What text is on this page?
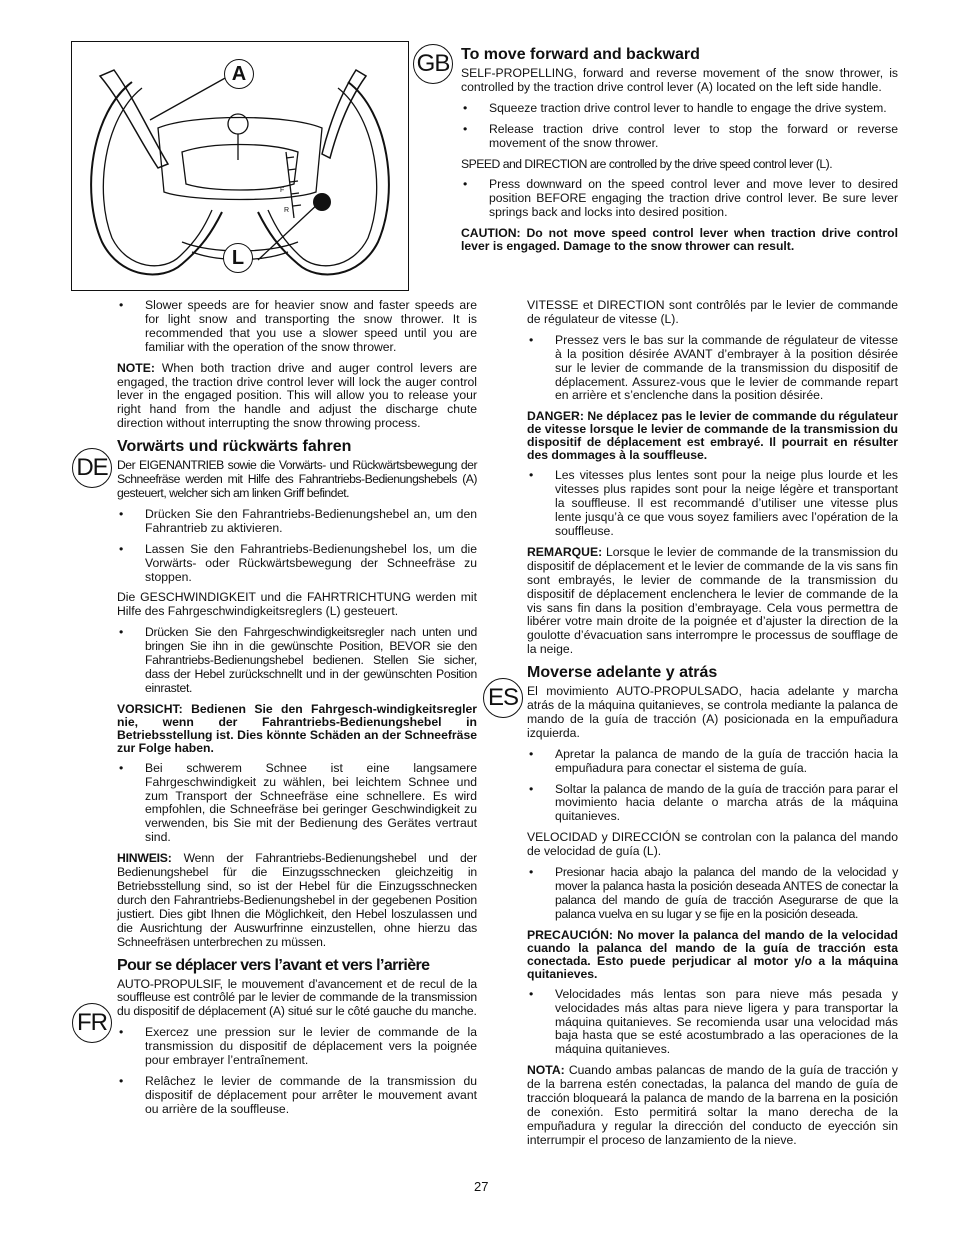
F
R
A
L
GB
DE
FR
ES
To move forward and backward
SELF-PROPELLING, forward and reverse movement of the snow thrower, is controlled by the traction drive control lever (A) located on the left side handle.
• Squeeze traction drive control lever to handle to engage the drive system.
• Release traction drive control lever to stop the forward or reverse movement of the snow thrower.
SPEED and DIRECTION are controlled by the drive speed control lever (L).
• Press downward on the speed control lever and move lever to desired position BEFORE engaging the traction drive control lever. Be sure lever springs back and locks into desired position.
CAUTION: Do not move speed control lever when traction drive control lever is engaged. Damage to the snow thrower can result.
• Slower speeds are for heavier snow and faster speeds are for light snow and transporting the snow thrower. It is recommended that you use a slower speed until you are familiar with the operation of the snow thrower.
NOTE: When both traction drive and auger control levers are engaged, the traction drive control lever will lock the auger control lever in the engaged position. This will allow you to release your right hand from the handle and adjust the discharge chute direction without interrupting the snow throwing process.
Vorwärts und rückwärts fahren
Der EIGENANTRIEB sowie die Vorwärts- und Rückwärtsbewegung der Schneefräse werden mit Hilfe des Fahrantriebs-Bedienungshebels (A) gesteuert, welcher sich am linken Griff befindet.
• Drücken Sie den Fahrantriebs-Bedienungshebel an, um den Fahrantrieb zu aktivieren.
• Lassen Sie den Fahrantriebs-Bedienungshebel los, um die Vorwärts- oder Rückwärtsbewegung der Schneefräse zu stoppen.
Die GESCHWINDIGKEIT und die FAHRTRICHTUNG werden mit Hilfe des Fahrgeschwindigkeitsreglers (L) gesteuert.
• Drücken Sie den Fahrgeschwindigkeitsregler nach unten und bringen Sie ihn in die gewünschte Position, BEVOR sie den Fahrantriebs-Bedienungshebel bedienen. Stellen Sie sicher, dass der Hebel zurückschnellt und in der gewünschten Position einrastet.
VORSICHT: Bedienen Sie den Fahrgesch-windigkeitsregler nie, wenn der Fahrantriebs-Bedienungshebel in Betriebsstellung ist. Dies könnte Schäden an der Schneefräse zur Folge haben.
• Bei schwerem Schnee ist eine langsamere Fahrgeschwindigkeit zu wählen, bei leichtem Schnee und zum Transport der Schneefräse eine schnellere. Es wird empfohlen, die Schneefräse bei geringer Geschwindigkeit zu verwenden, bis Sie mit der Bedienung des Gerätes vertraut sind.
HINWEIS: Wenn der Fahrantriebs-Bedienungshebel und der Bedienungshebel für die Einzugsschnecken gleichzeitig in Betriebsstellung sind, so ist der Hebel für die Einzugsschnecken durch den Fahrantriebs-Bedienungshebel in der gegebenen Position justiert. Dies gibt Ihnen die Möglichkeit, den Hebel loszulassen und die Ausrichtung der Auswurfrinne einzustellen, ohne hierzu das Schneefräsen unterbrechen zu müssen.
Pour se déplacer vers l’avant et vers l’arrière
AUTO-PROPULSIF, le mouvement d’avancement et de recul de la souffleuse est contrôlé par le levier de commande de la transmission du dispositif de déplacement (A) situé sur le côté gauche du manche.
• Exercez une pression sur le levier de commande de la transmission du dispositif de déplacement vers la poignée pour embrayer l’entraînement.
• Relâchez le levier de commande de la transmission du dispositif de déplacement pour arrêter le mouvement avant ou arrière de la souffleuse.
VITESSE et DIRECTION sont contrôlés par le levier de commande de régulateur de vitesse (L).
• Pressez vers le bas sur la commande de régulateur de vitesse à la position désirée AVANT d’embrayer à la position désirée sur le levier de commande de la transmission du dispositif de déplacement. Assurez-vous que le levier de commande repart en arrière et s’enclenche dans la position désirée.
DANGER: Ne déplacez pas le levier de commande du régulateur de vitesse lorsque le levier de commande de la transmission du dispositif de déplacement est embrayé. Il pourrait en résulter des dommages à la souffleuse.
• Les vitesses plus lentes sont pour la neige plus lourde et les vitesses plus rapides sont pour la neige légère et transportant la souffleuse. Il est recommandé d’utiliser une vitesse plus lente jusqu’à ce que vous soyez familiers avec l’opération de la souffleuse.
REMARQUE: Lorsque le levier de commande de la transmission du dispositif de déplacement et le levier de commande de la vis sans fin sont embrayés, le levier de commande de la transmission du dispositif de déplacement enclenchera le levier de commande de la vis sans fin dans la position d’embrayage. Cela vous permettra de libérer votre main droite de la poignée et d’ajuster la direction de la goulotte d’évacuation sans interrompre le processus de soufflage de la neige.
Moverse adelante y atrás
El movimiento AUTO-PROPULSADO, hacia adelante y marcha atrás de la máquina quitanieves, se controla mediante la palanca de mando de la guía de tracción (A) posicionada en la empuñadura izquierda.
• Apretar la palanca de mando de la guía de tracción hacia la empuñadura para conectar el sistema de guía.
• Soltar la palanca de mando de la guía de tracción para parar el movimiento hacia delante o marcha atrás de la máquina quitanieves.
VELOCIDAD y DIRECCIÓN se controlan con la palanca del mando de velocidad de guía (L).
• Presionar hacia abajo la palanca del mando de la velocidad y mover la palanca hasta la posición deseada ANTES de conectar la palanca del mando de guía de tracción Asegurarse de que la palanca vuelva en su lugar y se fije en la posición deseada.
PRECAUCIÓN: No mover la palanca del mando de la velocidad cuando la palanca del mando de la guía de tracción esta conectada. Esto puede perjudicar al motor y/o a la máquina quitanieves.
• Velocidades más lentas son para nieve más pesada y velocidades más altas para nieve ligera y para transportar la máquina quitanieves. Se recomienda usar una velocidad más baja hasta que se esté acostumbrado a las operaciones de la máquina quitanieves.
NOTA: Cuando ambas palancas de mando de la guía de tracción y de la barrena estén conectadas, la palanca del mando de guía de tracción bloqueará la palanca de mando de la barrena en la posición de conexión. Esto permitirá soltar la mano derecha de la empuñadura y regular la dirección del conducto de eyección sin interrumpir el proceso de lanzamiento de la nieve.
27
